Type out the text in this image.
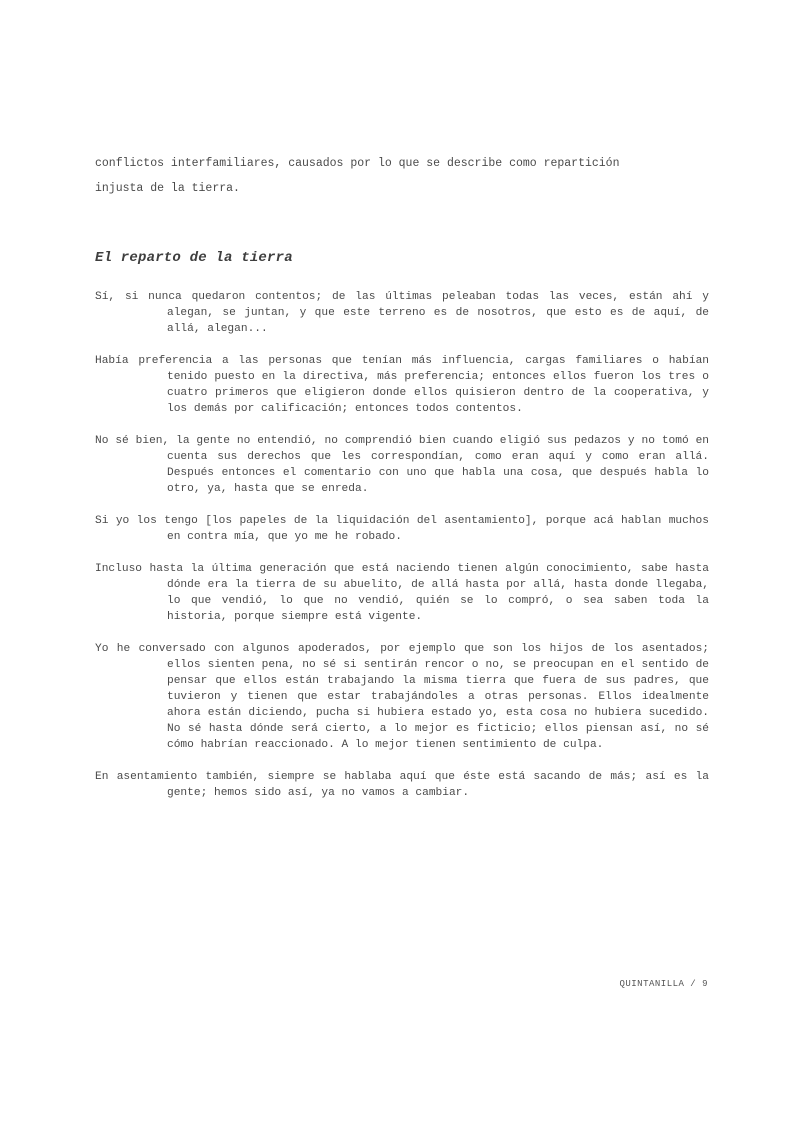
conflictos interfamiliares, causados por lo que se describe como repartición
injusta de la tierra.

El reparto de la tierra

Sí, si nunca quedaron contentos; de las últimas peleaban todas las veces, están ahí y alegan, se juntan, y que este terreno es de nosotros, que esto es de aquí, de allá, alegan...

Había preferencia a las personas que tenían más influencia, cargas familiares o habían tenido puesto en la directiva, más preferencia; entonces ellos fueron los tres o cuatro primeros que eligieron donde ellos quisieron dentro de la cooperativa, y los demás por calificación; entonces todos contentos.

No sé bien, la gente no entendió, no comprendió bien cuando eligió sus pedazos y no tomó en cuenta sus derechos que les correspondían, como eran aquí y como eran allá. Después entonces el comentario con uno que habla una cosa, que después habla lo otro, ya, hasta que se enreda.

Si yo los tengo [los papeles de la liquidación del asentamiento], porque acá hablan muchos en contra mía, que yo me he robado.

Incluso hasta la última generación que está naciendo tienen algún conocimiento, sabe hasta dónde era la tierra de su abuelito, de allá hasta por allá, hasta donde llegaba, lo que vendió, lo que no vendió, quién se lo compró, o sea saben toda la historia, porque siempre está vigente.

Yo he conversado con algunos apoderados, por ejemplo que son los hijos de los asentados; ellos sienten pena, no sé si sentirán rencor o no, se preocupan en el sentido de pensar que ellos están trabajando la misma tierra que fuera de sus padres, que tuvieron y tienen que estar trabajándoles a otras personas. Ellos idealmente ahora están diciendo, pucha si hubiera estado yo, esta cosa no hubiera sucedido. No sé hasta dónde será cierto, a lo mejor es ficticio; ellos piensan así, no sé cómo habrían reaccionado. A lo mejor tienen sentimiento de culpa.

En asentamiento también, siempre se hablaba aquí que éste está sacando de más; así es la gente; hemos sido así, ya no vamos a cambiar.

QUINTANILLA / 9
